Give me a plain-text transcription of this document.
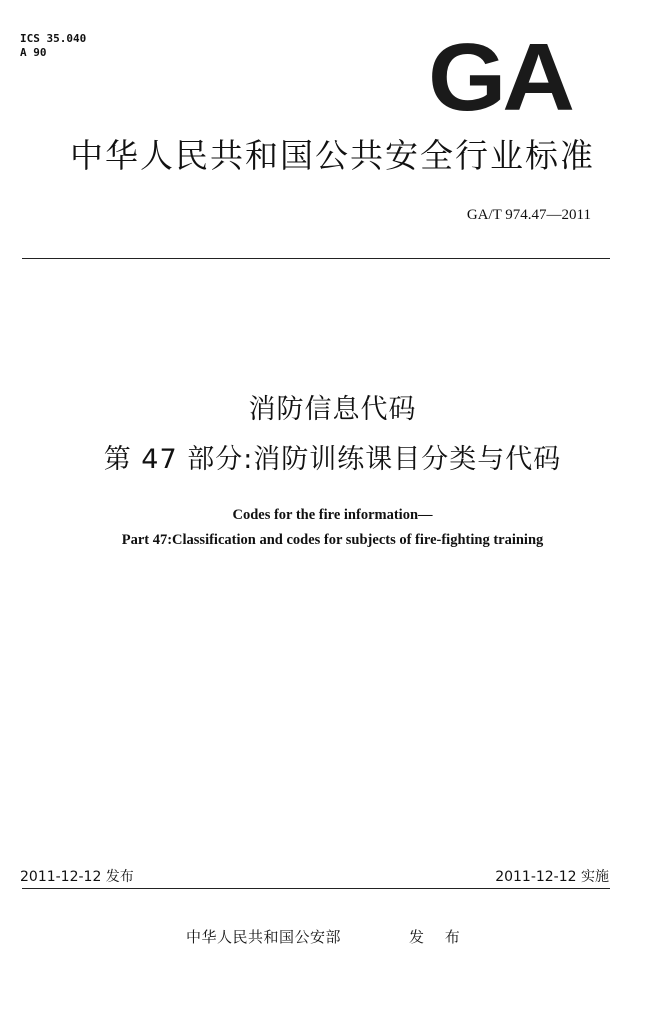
ICS 35.040
A 90	GA
中华人民共和国公共安全行业标准
GA/T 974.47—2011
消防信息代码
第 47 部分:消防训练课目分类与代码
Codes for the fire information—
Part 47:Classification and codes for subjects of fire-fighting training
2011-12-12 发布	2011-12-12 实施
中华人民共和国公安部	发 布
